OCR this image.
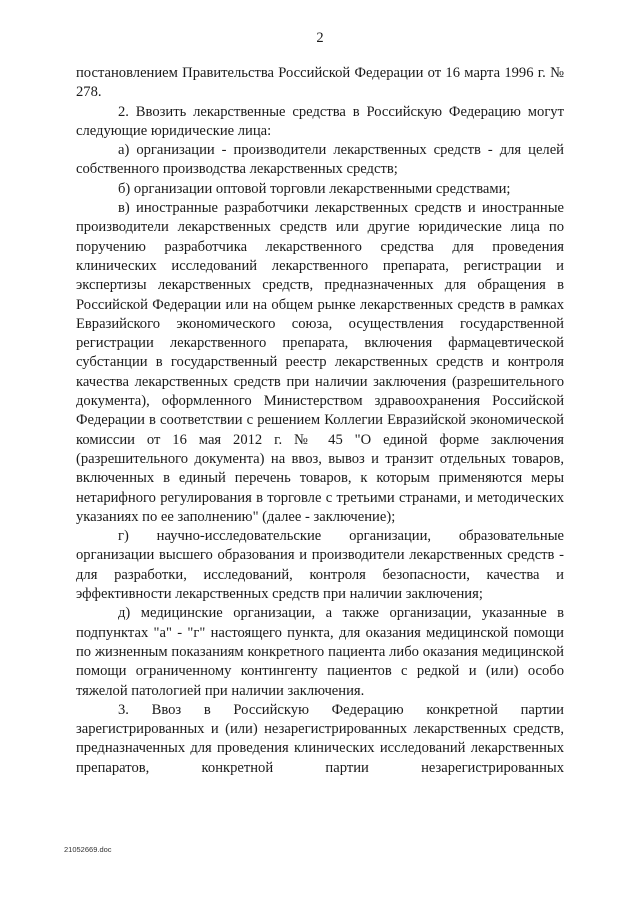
2

постановлением Правительства Российской Федерации от 16 марта 1996 г. № 278.

2. Ввозить лекарственные средства в Российскую Федерацию могут следующие юридические лица:

а) организации - производители лекарственных средств - для целей собственного производства лекарственных средств;

б) организации оптовой торговли лекарственными средствами;

в) иностранные разработчики лекарственных средств и иностранные производители лекарственных средств или другие юридические лица по поручению разработчика лекарственного средства для проведения клинических исследований лекарственного препарата, регистрации и экспертизы лекарственных средств, предназначенных для обращения в Российской Федерации или на общем рынке лекарственных средств в рамках Евразийского экономического союза, осуществления государственной регистрации лекарственного препарата, включения фармацевтической субстанции в государственный реестр лекарственных средств и контроля качества лекарственных средств при наличии заключения (разрешительного документа), оформленного Министерством здравоохранения Российской Федерации в соответствии с решением Коллегии Евразийской экономической комиссии от 16 мая 2012 г. № 45 "О единой форме заключения (разрешительного документа) на ввоз, вывоз и транзит отдельных товаров, включенных в единый перечень товаров, к которым применяются меры нетарифного регулирования в торговле с третьими странами, и методических указаниях по ее заполнению" (далее - заключение);

г) научно-исследовательские организации, образовательные организации высшего образования и производители лекарственных средств - для разработки, исследований, контроля безопасности, качества и эффективности лекарственных средств при наличии заключения;

д) медицинские организации, а также организации, указанные в подпунктах "а" - "г" настоящего пункта, для оказания медицинской помощи по жизненным показаниям конкретного пациента либо оказания медицинской помощи ограниченному контингенту пациентов с редкой и (или) особо тяжелой патологией при наличии заключения.

3. Ввоз в Российскую Федерацию конкретной партии зарегистрированных и (или) незарегистрированных лекарственных средств, предназначенных для проведения клинических исследований лекарственных препаратов, конкретной партии незарегистрированных

21052669.doc
